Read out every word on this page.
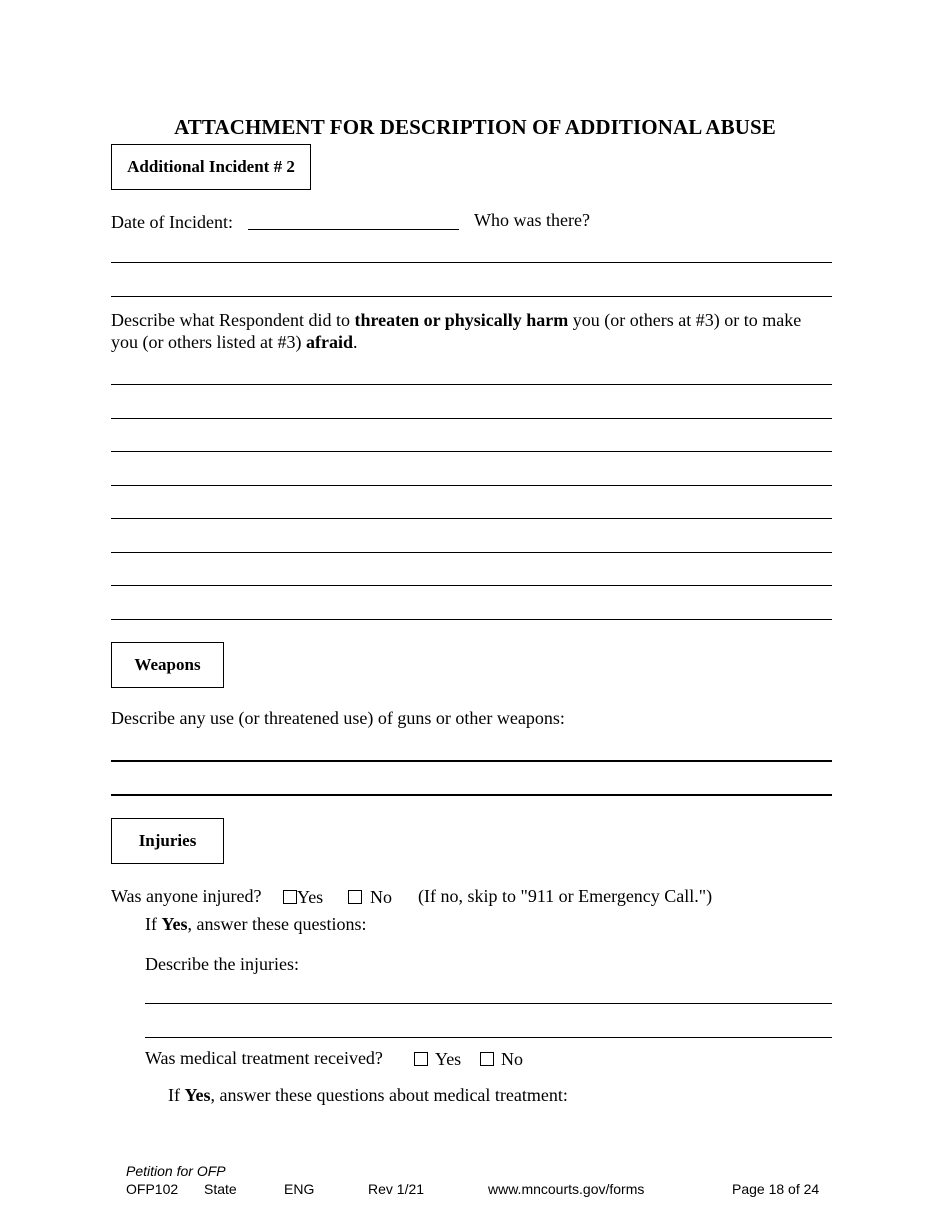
ATTACHMENT FOR DESCRIPTION OF ADDITIONAL ABUSE
Additional Incident # 2
Date of Incident:	Who was there?
Describe what Respondent did to threaten or physically harm you (or others at #3) or to make
you (or others listed at #3) afraid.
Weapons
Describe any use (or threatened use) of guns or other weapons:
Injuries
Was anyone injured?	Yes	No (If no, skip to "911 or Emergency Call.")
If Yes, answer these questions:
Describe the injuries:
Was medical treatment received?	Yes	No
If Yes, answer these questions about medical treatment:
Petition for OFP
OFP102 State	ENG	Rev 1/21	www.mncourts.gov/forms	Page 18 of 24
